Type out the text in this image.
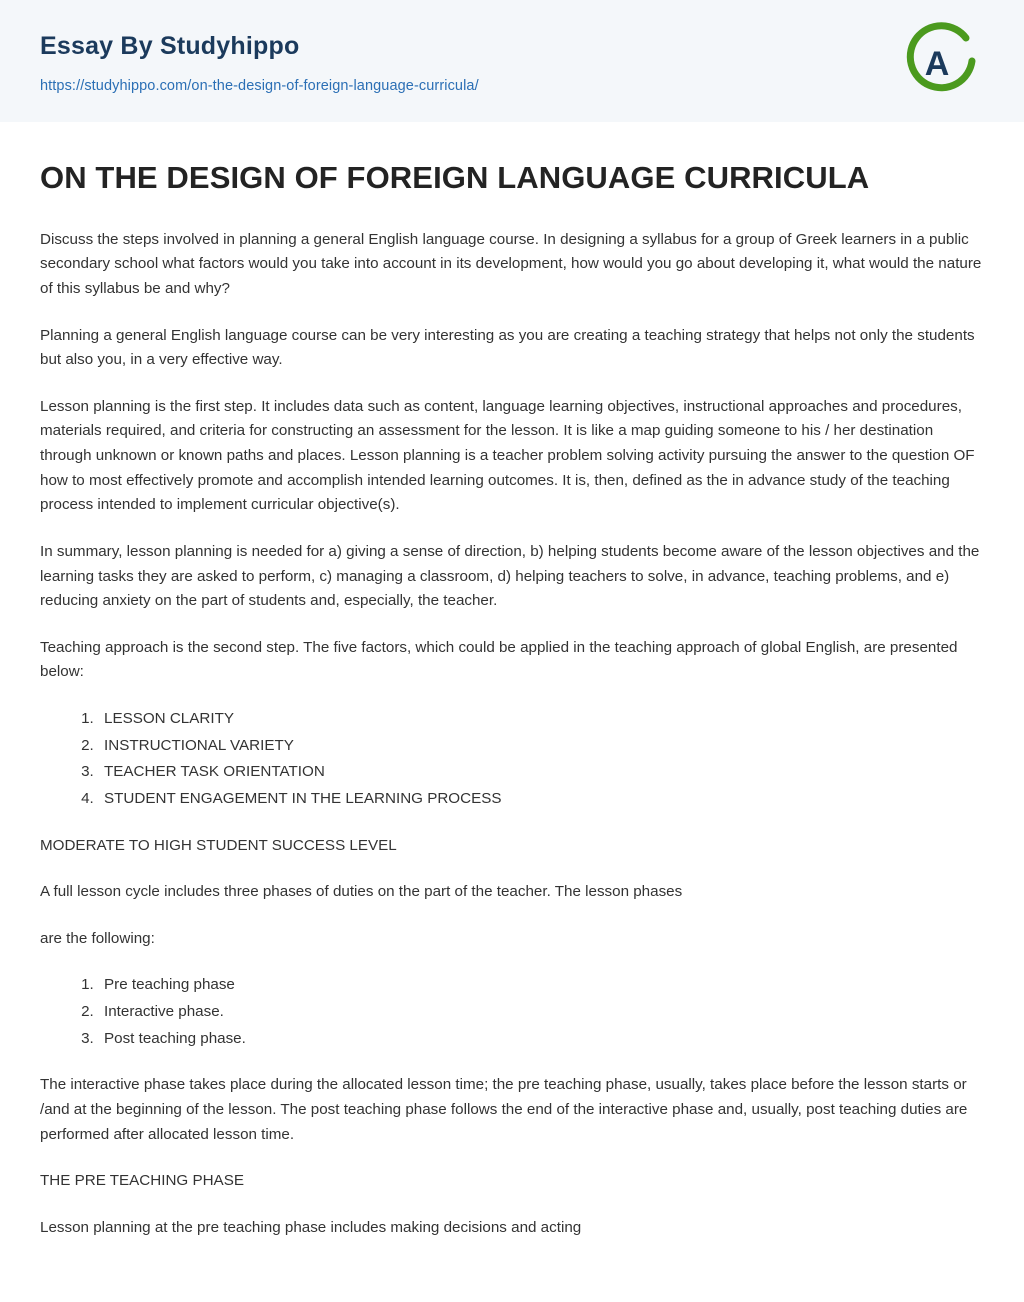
Essay By Studyhippo
https://studyhippo.com/on-the-design-of-foreign-language-curricula/
A
ON THE DESIGN OF FOREIGN LANGUAGE CURRICULA

Discuss the steps involved in planning a general English language course. In designing a syllabus for a group of Greek learners in a public secondary school what factors would you take into account in its development, how would you go about developing it, what would the nature of this syllabus be and why?

Planning a general English language course can be very interesting as you are creating a teaching strategy that helps not only the students but also you, in a very effective way.

Lesson planning is the first step. It includes data such as content, language learning objectives, instructional approaches and procedures, materials required, and criteria for constructing an assessment for the lesson. It is like a map guiding someone to his / her destination through unknown or known paths and places. Lesson planning is a teacher problem solving activity pursuing the answer to the question OF how to most effectively promote and accomplish intended learning outcomes. It is, then, defined as the in advance study of the teaching process intended to implement curricular objective(s).

In summary, lesson planning is needed for a) giving a sense of direction, b) helping students become aware of the lesson objectives and the learning tasks they are asked to perform, c) managing a classroom, d) helping teachers to solve, in advance, teaching problems, and e) reducing anxiety on the part of students and, especially, the teacher.

Teaching approach is the second step. The five factors, which could be applied in the teaching approach of global English, are presented below:

1. LESSON CLARITY
2. INSTRUCTIONAL VARIETY
3. TEACHER TASK ORIENTATION
4. STUDENT ENGAGEMENT IN THE LEARNING PROCESS

MODERATE TO HIGH STUDENT SUCCESS LEVEL

A full lesson cycle includes three phases of duties on the part of the teacher. The lesson phases

are the following:

1. Pre teaching phase
2. Interactive phase.
3. Post teaching phase.

The interactive phase takes place during the allocated lesson time; the pre teaching phase, usually, takes place before the lesson starts or /and at the beginning of the lesson. The post teaching phase follows the end of the interactive phase and, usually, post teaching duties are performed after allocated lesson time.

THE PRE TEACHING PHASE

Lesson planning at the pre teaching phase includes making decisions and acting
